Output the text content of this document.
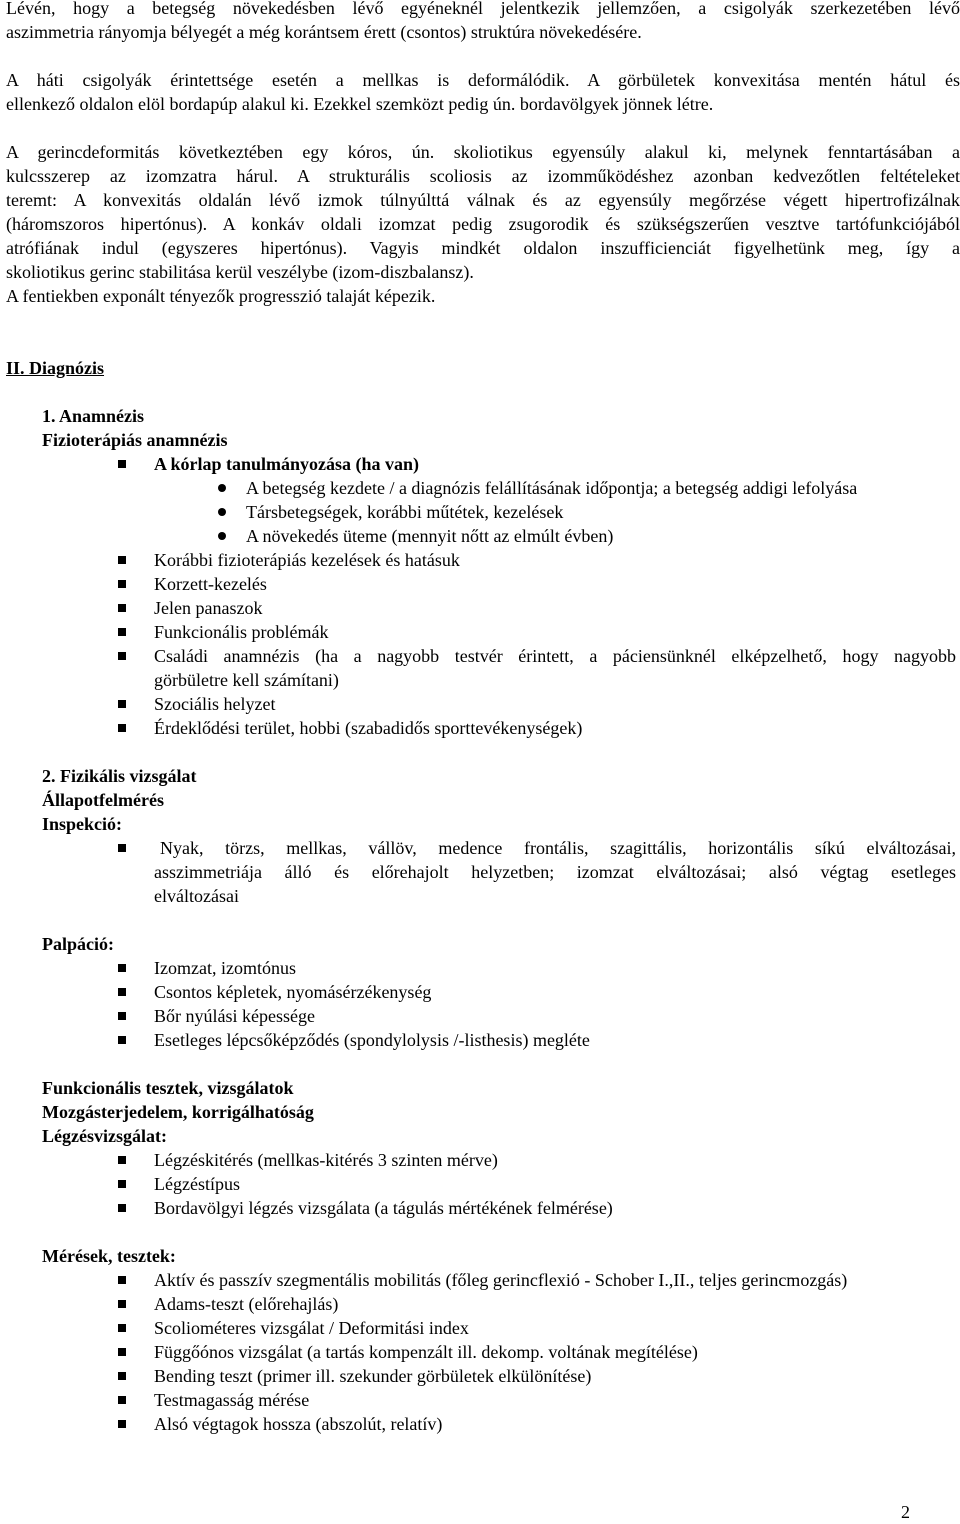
Lévén, hogy a betegség növekedésben lévő egyéneknél jelentkezik jellemzően, a csigolyák szerkezetében lévő
aszimmetria rányomja bélyegét a még korántsem érett (csontos) struktúra növekedésére.
A háti csigolyák érintettsége esetén a mellkas is deformálódik. A görbületek konvexitása mentén hátul és
ellenkező oldalon elöl bordapúp alakul ki. Ezekkel szemközt pedig ún. bordavölgyek jönnek létre.
A gerincdeformitás következtében egy kóros, ún. skoliotikus egyensúly alakul ki, melynek fenntartásában a
kulcsszerep az izomzatra hárul. A strukturális scoliosis az izomműködéshez azonban kedvezőtlen feltételeket
teremt: A konvexitás oldalán lévő izmok túlnyúlttá válnak és az egyensúly megőrzése végett hipertrofizálnak
(háromszoros hipertónus). A konkáv oldali izomzat pedig zsugorodik és szükségszerűen vesztve tartófunkciójából
atrófiának indul (egyszeres hipertónus). Vagyis mindkét oldalon inszufficienciát figyelhetünk meg, így a
skoliotikus gerinc stabilitása kerül veszélybe (izom-diszbalansz).
A fentiekben exponált tényezők progresszió talaját képezik.
II. Diagnózis
1. Anamnézis
Fizioterápiás anamnézis
A kórlap tanulmányozása (ha van)
A betegség kezdete / a diagnózis felállításának időpontja; a betegség addigi lefolyása
Társbetegségek, korábbi műtétek, kezelések
A növekedés üteme (mennyit nőtt az elmúlt évben)
Korábbi fizioterápiás kezelések és hatásuk
Korzett-kezelés
Jelen panaszok
Funkcionális problémák
Családi anamnézis (ha a nagyobb testvér érintett, a páciensünknél elképzelhető, hogy nagyobb
görbületre kell számítani)
Szociális helyzet
Érdeklődési terület, hobbi (szabadidős sporttevékenységek)
2. Fizikális vizsgálat
Állapotfelmérés
Inspekció:
Nyak, törzs, mellkas, vállöv, medence frontális, szagittális, horizontális síkú elváltozásai,
asszimmetriája álló és előrehajolt helyzetben; izomzat elváltozásai; alsó végtag esetleges
elváltozásai
Palpáció:
Izomzat, izomtónus
Csontos képletek, nyomásérzékenység
Bőr nyúlási képessége
Esetleges lépcsőképződés (spondylolysis /-listhesis) megléte
Funkcionális tesztek, vizsgálatok
Mozgásterjedelem, korrigálhatóság
Légzésvizsgálat:
Légzéskitérés (mellkas-kitérés 3 szinten mérve)
Légzéstípus
Bordavölgyi légzés vizsgálata (a tágulás mértékének felmérése)
Mérések, tesztek:
Aktív és passzív szegmentális mobilitás (főleg gerincflexió - Schober I.,II., teljes gerincmozgás)
Adams-teszt (előrehajlás)
Scoliométeres vizsgálat / Deformitási index
Függőónos vizsgálat (a tartás kompenzált ill. dekomp. voltának megítélése)
Bending teszt (primer ill. szekunder görbületek elkülönítése)
Testmagasság mérése
Alsó végtagok hossza (abszolút, relatív)
2
